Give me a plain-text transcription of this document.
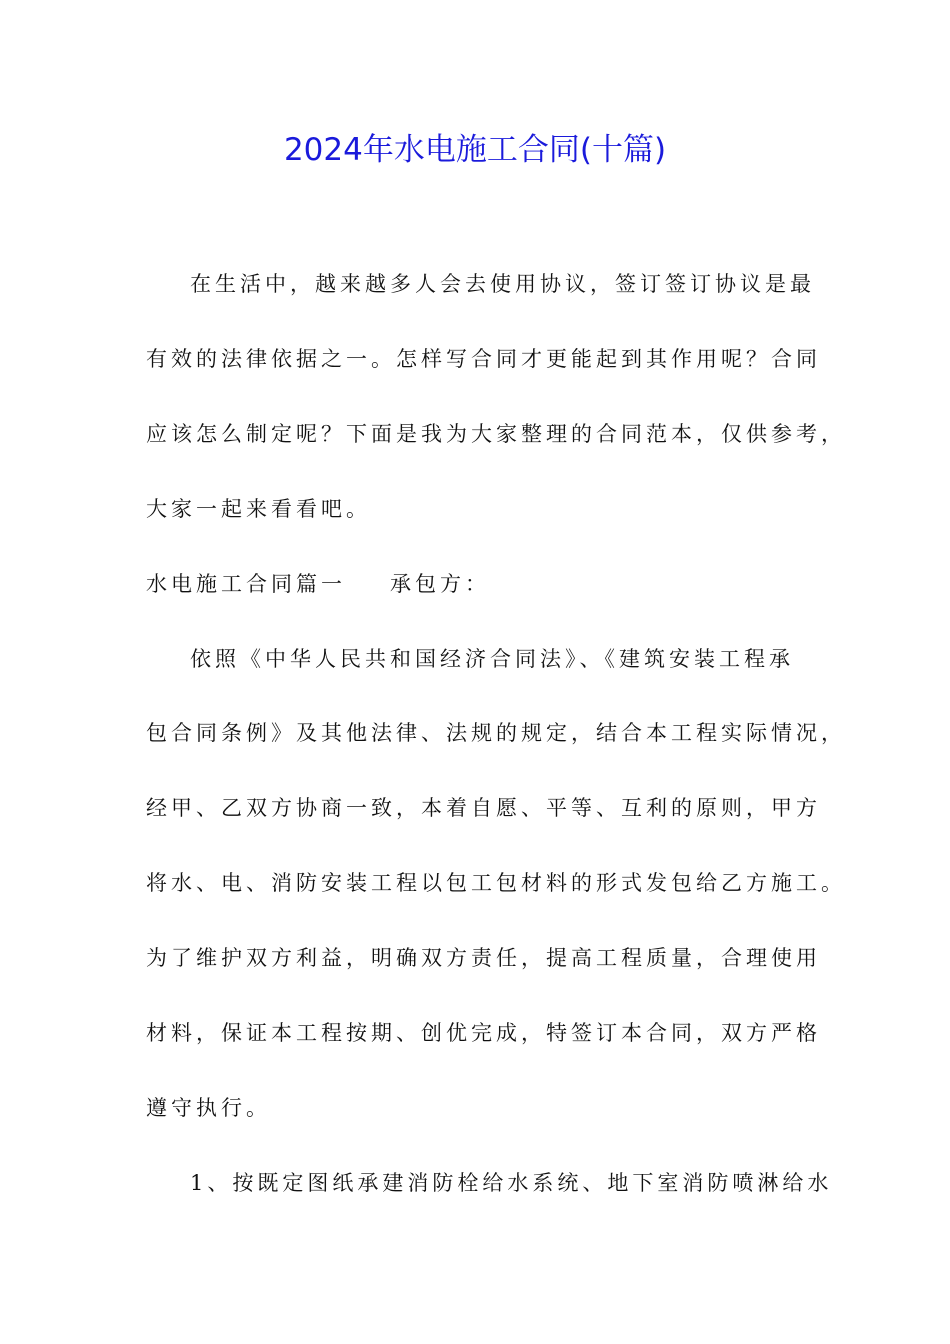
2024年水电施工合同(十篇)
在生活中，越来越多人会去使用协议，签订签订协议是最
有效的法律依据之一。怎样写合同才更能起到其作用呢？合同
应该怎么制定呢？下面是我为大家整理的合同范本，仅供参考，
大家一起来看看吧。
水电施工合同篇一 承包方：
依照《中华人民共和国经济合同法》、《建筑安装工程承
包合同条例》及其他法律、法规的规定，结合本工程实际情况，
经甲、乙双方协商一致，本着自愿、平等、互利的原则，甲方
将水、电、消防安装工程以包工包材料的形式发包给乙方施工。
为了维护双方利益，明确双方责任，提高工程质量，合理使用
材料，保证本工程按期、创优完成，特签订本合同，双方严格
遵守执行。
1、按既定图纸承建消防栓给水系统、地下室消防喷淋给水
